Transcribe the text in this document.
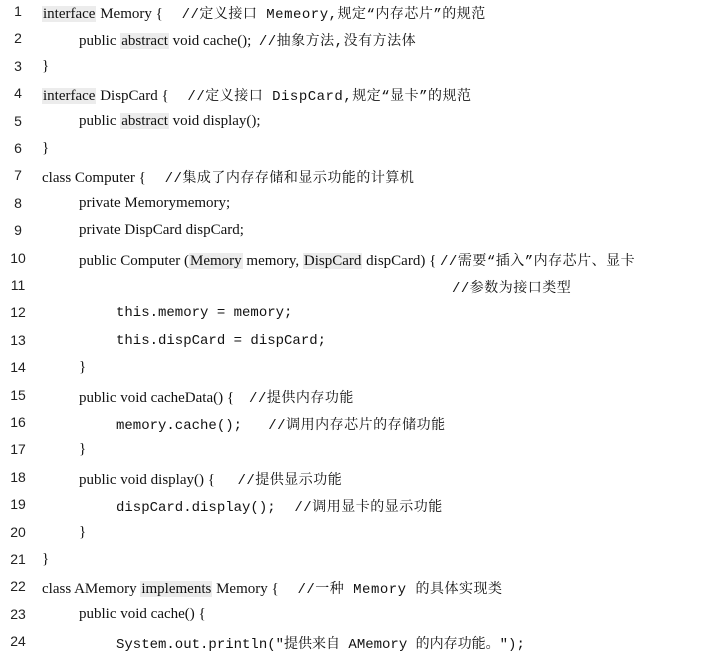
1 interface Memory {     //定义接口 Memeory,规定“内存芯片”的规范
2	public abstract void cache();  //抽象方法,没有方法体
3 }
4 interface DispCard {     //定义接口 DispCard,规定“显卡”的规范
5	public abstract void display();
6 }
7 class Computer {     //集成了内存存储和显示功能的计算机
8	private Memorymemory;
9	private DispCard dispCard;
10	public Computer (Memory memory, DispCard dispCard) { //需要“插入”内存芯片、显卡
11	//参数为接口类型
12	this.memory = memory;
13	this.dispCard = dispCard;
14	}
15	public void cacheData() {    //提供内存功能
16	memory.cache(); //调用内存芯片的存储功能
17	}
18	public void display() {      //提供显示功能
19	dispCard.display(); //调用显卡的显示功能
20	}
21 }
22 class AMemory implements Memory {     //一种 Memory 的具体实现类
23	public void cache() {
24	System.out.println("提供来自 AMemory 的内存功能。");
